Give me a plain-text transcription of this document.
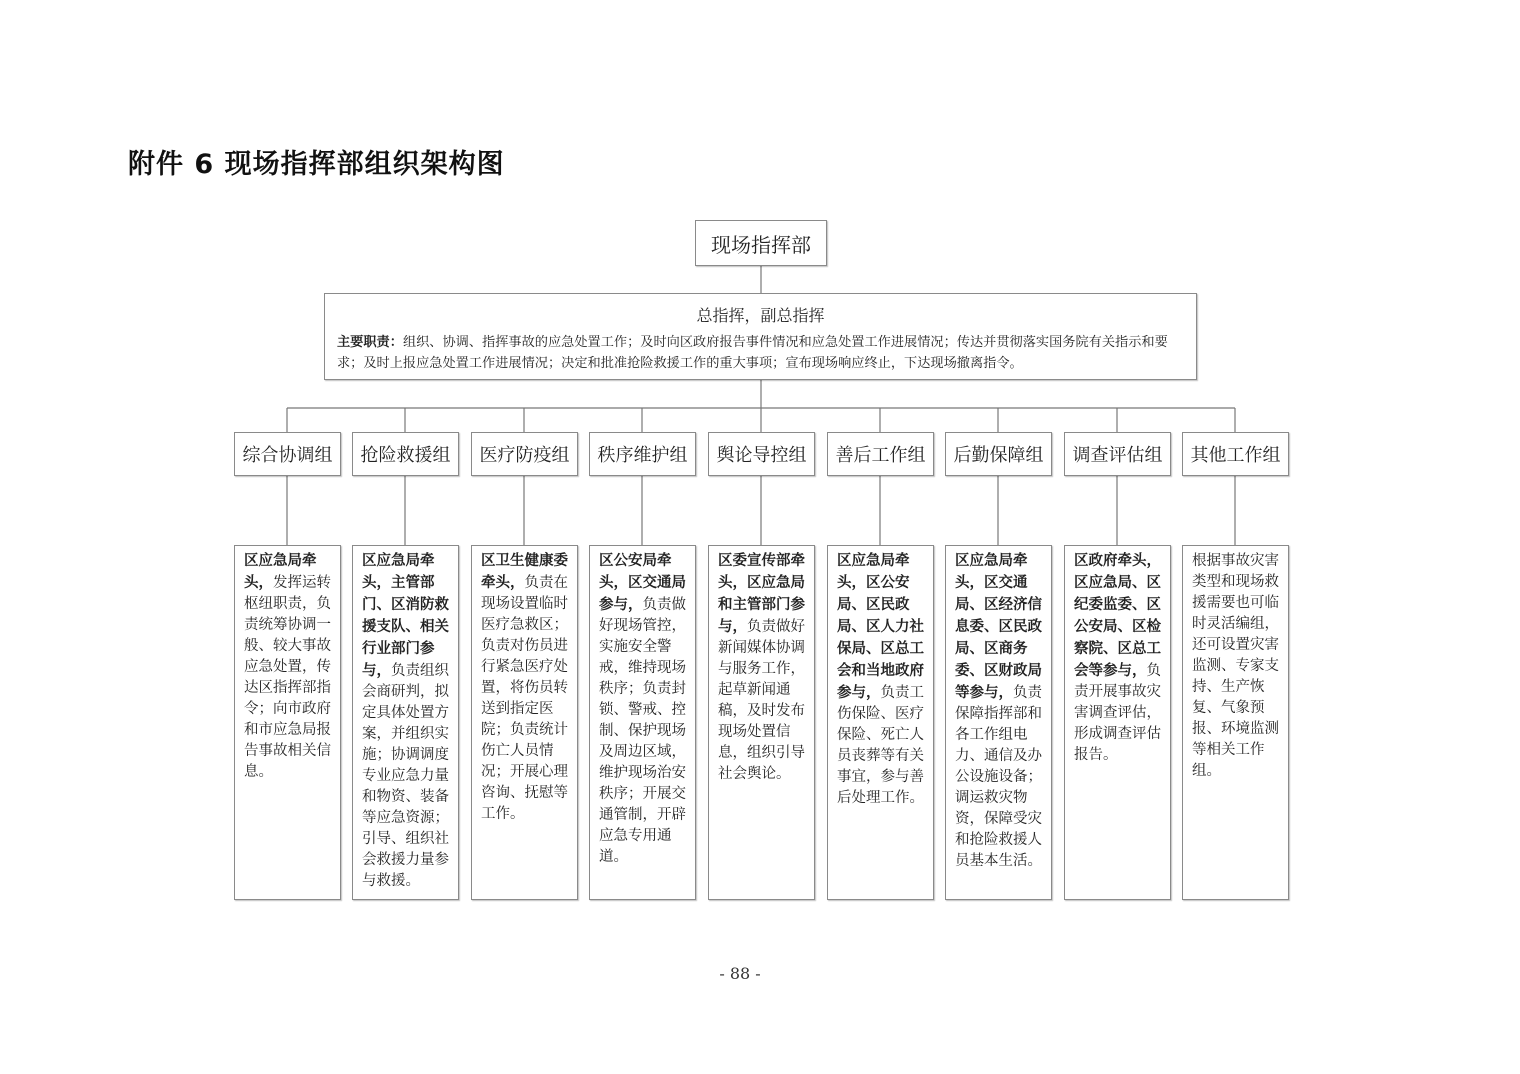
附件 6 现场指挥部组织架构图
现场指挥部
总指挥，副总指挥
主要职责：组织、协调、指挥事故的应急处置工作；及时向区政府报告事件情况和应急处置工作进展情况；传达并贯彻落实国务院有关指示和要求；及时上报应急处置工作进展情况；决定和批准抢险救援工作的重大事项；宣布现场响应终止，下达现场撤离指令。
综合协调组 抢险救援组 医疗防疫组 秩序维护组 舆论导控组 善后工作组 后勤保障组 调查评估组 其他工作组
区应急局牵头，发挥运转枢纽职责，负责统筹协调一般、较大事故应急处置，传达区指挥部指令；向市政府和市应急局报告事故相关信息。
区应急局牵头，主管部门、区消防救援支队、相关行业部门参与，负责组织会商研判，拟定具体处置方案，并组织实施；协调调度专业应急力量和物资、装备等应急资源；引导、组织社会救援力量参与救援。
区卫生健康委牵头，负责在现场设置临时医疗急救区；负责对伤员进行紧急医疗处置，将伤员转送到指定医院；负责统计伤亡人员情况；开展心理咨询、抚慰等工作。
区公安局牵头，区交通局参与，负责做好现场管控，实施安全警戒，维持现场秩序；负责封锁、警戒、控制、保护现场及周边区域，维护现场治安秩序；开展交通管制，开辟应急专用通道。
区委宣传部牵头，区应急局和主管部门参与，负责做好新闻媒体协调与服务工作，起草新闻通稿，及时发布现场处置信息，组织引导社会舆论。
区应急局牵头，区公安局、区民政局、区人力社保局、区总工会和当地政府参与，负责工伤保险、医疗保险、死亡人员丧葬等有关事宜，参与善后处理工作。
区应急局牵头，区交通局、区经济信息委、区民政局、区商务委、区财政局等参与，负责保障指挥部和各工作组电力、通信及办公设施设备；调运救灾物资，保障受灾和抢险救援人员基本生活。
区政府牵头，区应急局、区纪委监委、区公安局、区检察院、区总工会等参与，负责开展事故灾害调查评估，形成调查评估报告。
根据事故灾害类型和现场救援需要也可临时灵活编组，还可设置灾害监测、专家支持、生产恢复、气象预报、环境监测等相关工作组。
- 88 -
